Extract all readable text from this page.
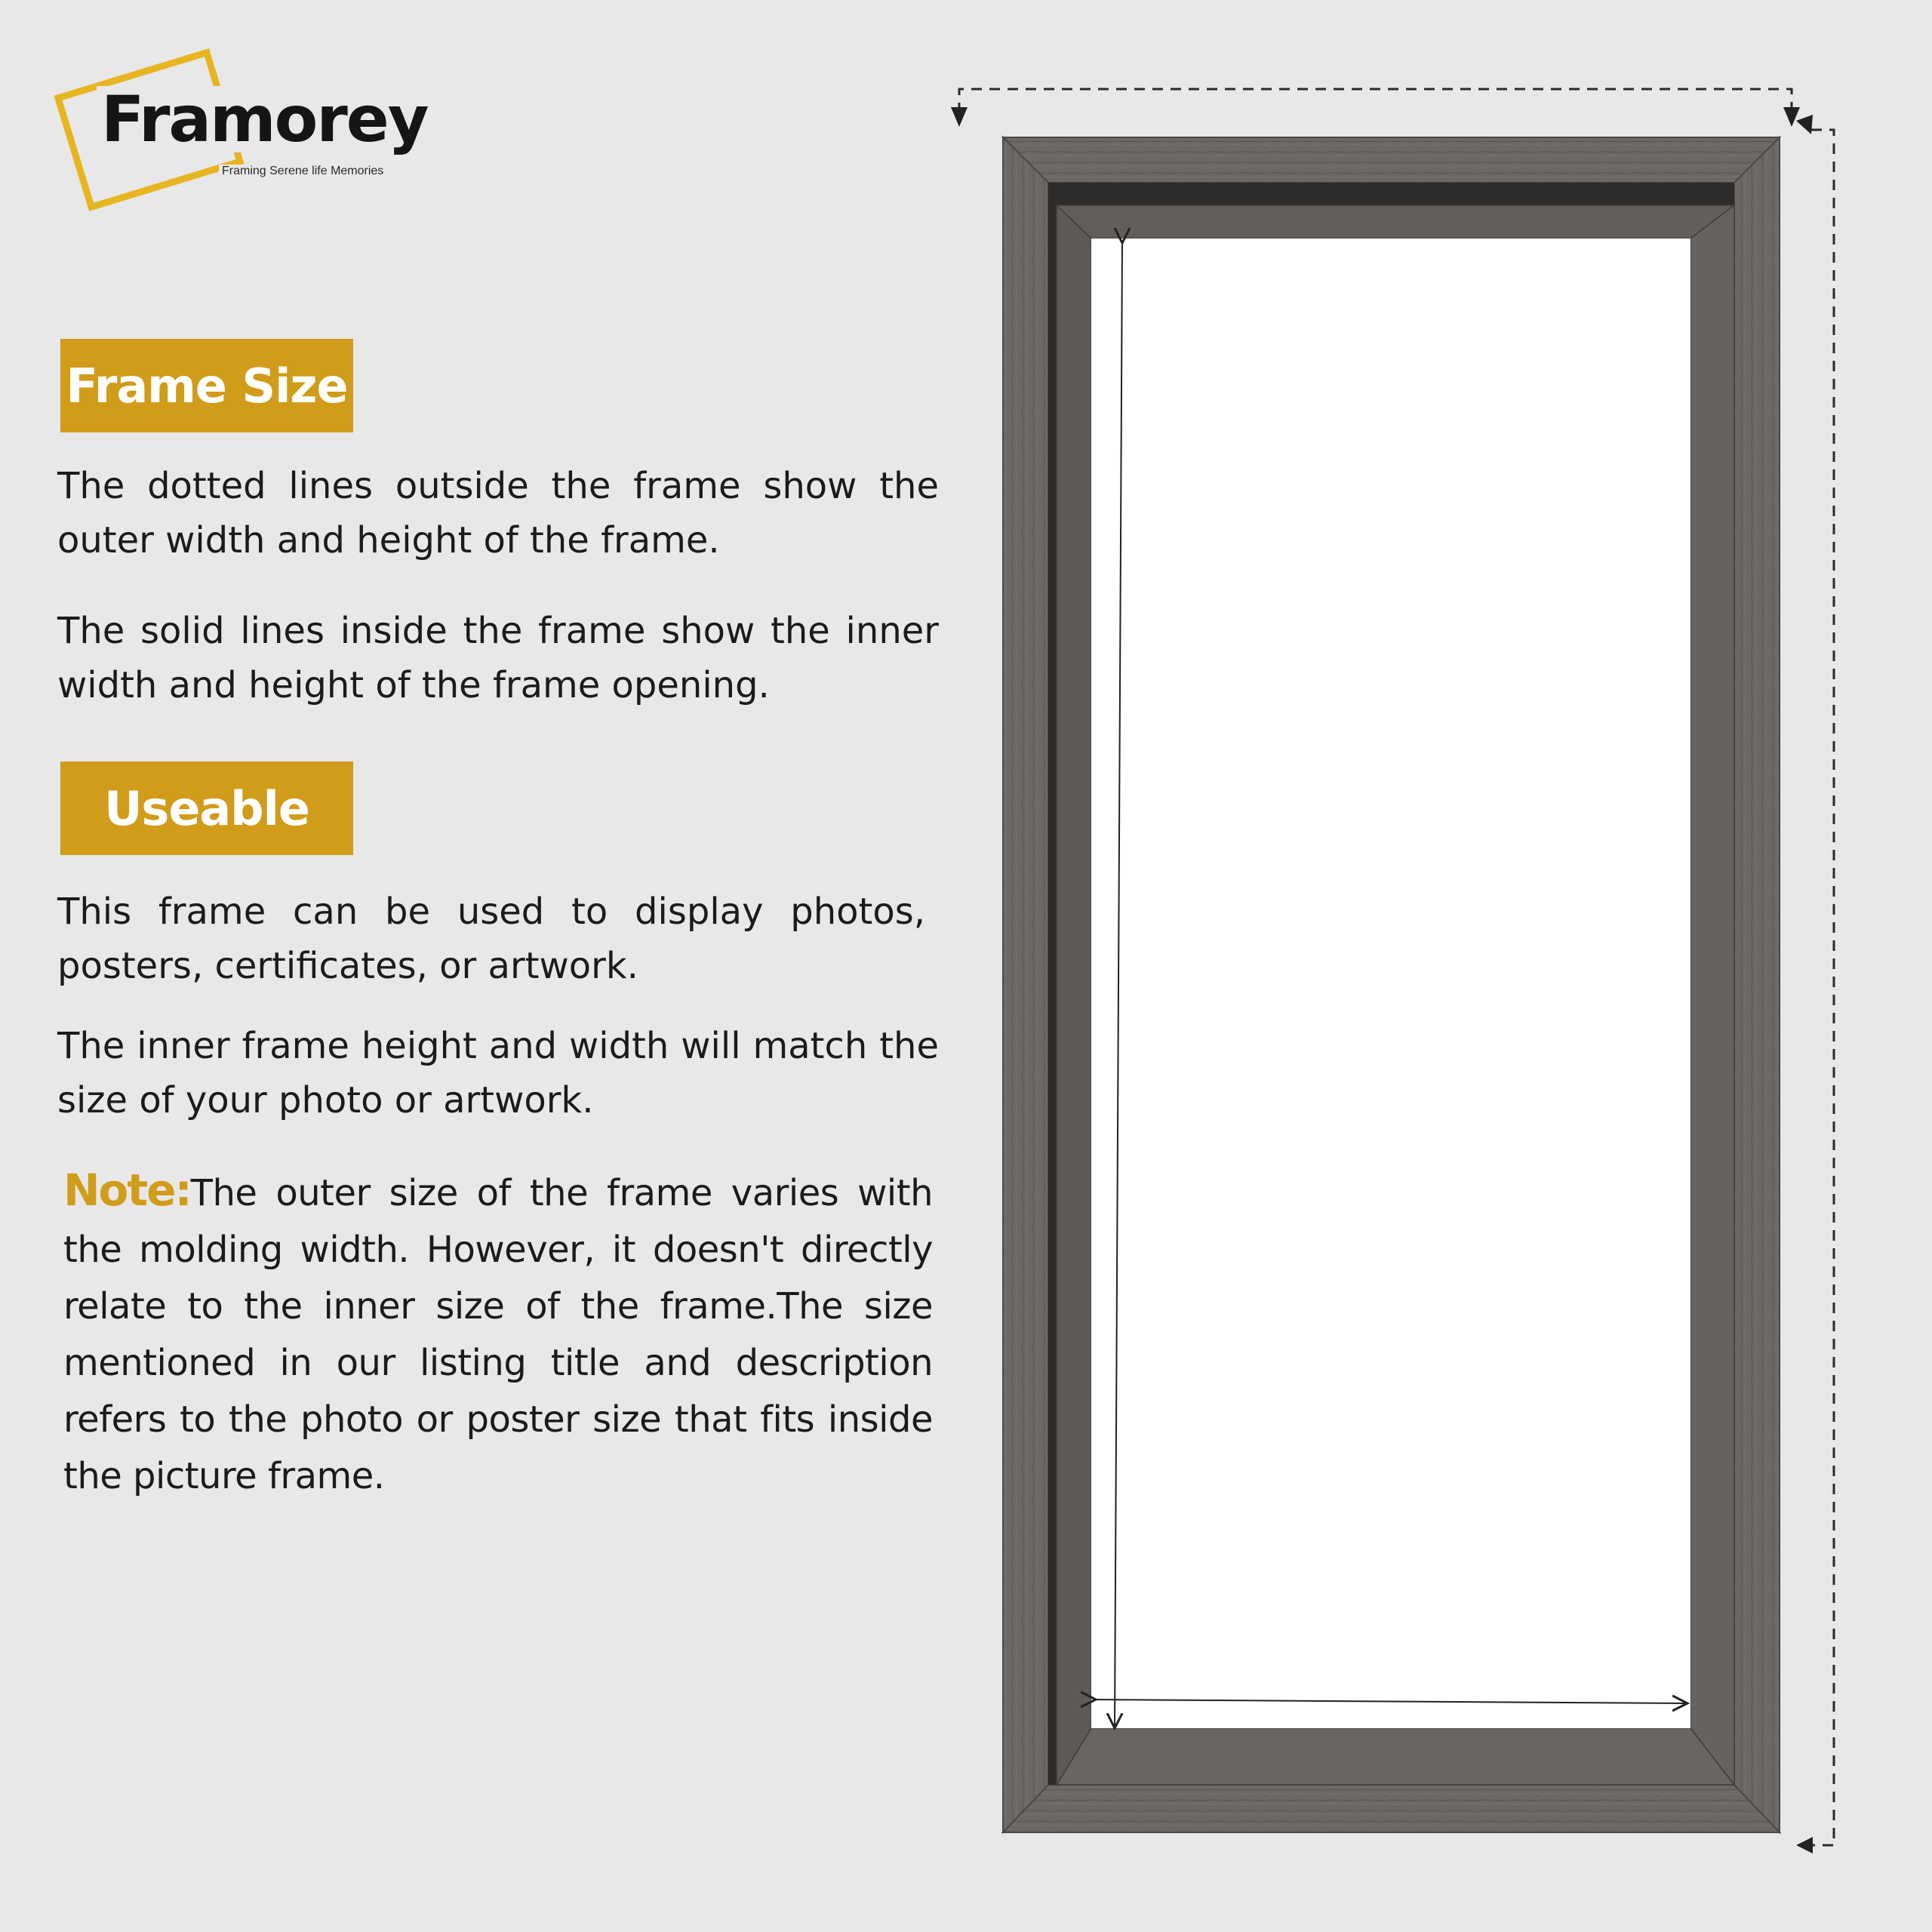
Framorey
Framing Serene life Memories
Frame Size

The dotted lines outside the frame show the outer width and height of the frame.

The solid lines inside the frame show the inner width and height of the frame opening.

Useable

This frame can be used to display photos, posters, certificates, or artwork.

The inner frame height and width will match the size of your photo or artwork.

Note:The outer size of the frame varies with the molding width. However, it doesn't directly relate to the inner size of the frame.The size mentioned in our listing title and description refers to the photo or poster size that fits inside the picture frame.
